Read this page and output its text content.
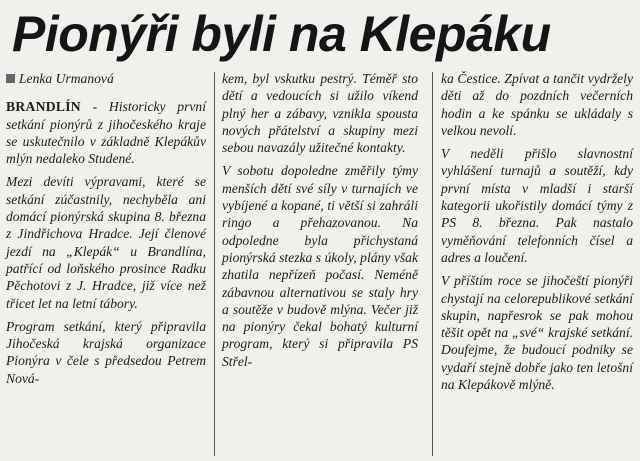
Pionýři byli na Klepáku
Lenka Urmanová

BRANDLÍN - Historicky první setkání pionýrů z jihočeského kraje se uskutečnilo v základně Klepákův mlýn nedaleko Studené.

Mezi devíti výpravami, které se setkání zúčastnily, nechyběla ani domácí pionýrská skupina 8. března z Jindřichova Hradce. Její členové jezdí na „Klepák“ u Brandlína, patřící od loňského prosince Radku Pěchotovi z J. Hradce, již více než třicet let na letní tábory.

Program setkání, který připravila Jihočeská krajská organizace Pionýra v čele s předsedou Petrem Nová-

kem, byl vskutku pestrý. Téměř sto dětí a vedoucích si užilo víkend plný her a zábavy, vznikla spousta nových přátelství a skupiny mezi sebou navazály užitečné kontakty.

V sobotu dopoledne změřily týmy menších dětí své síly v turnajích ve vybíjené a kopané, ti větší si zahráli ringo a přehazovanou. Na odpoledne byla přichystaná pionýrská stezka s úkoly, plány však zhatila nepřízeň počasí. Neméně zábavnou alternativou se staly hry a soutěže v budově mlýna. Večer již na pionýry čekal bohatý kulturní program, který si připravila PS Střel-

ka Čestice. Zpívat a tančit vydržely děti až do pozdních večerních hodin a ke spánku se ukládaly s velkou nevolí.

V neděli přišlo slavnostní vyhlášení turnajů a soutěží, kdy první místa v mladší i starší kategorii ukořistily domácí týmy z PS 8. března. Pak nastalo vyměňování telefonních čísel a adres a loučení.

V příštím roce se jihočeští pionýři chystají na celorepublikové setkání skupin, napřesrok se pak mohou těšit opět na „své“ krajské setkání. Doufejme, že budoucí podniky se vydaří stejně dobře jako ten letošní na Klepákově mlýně.
